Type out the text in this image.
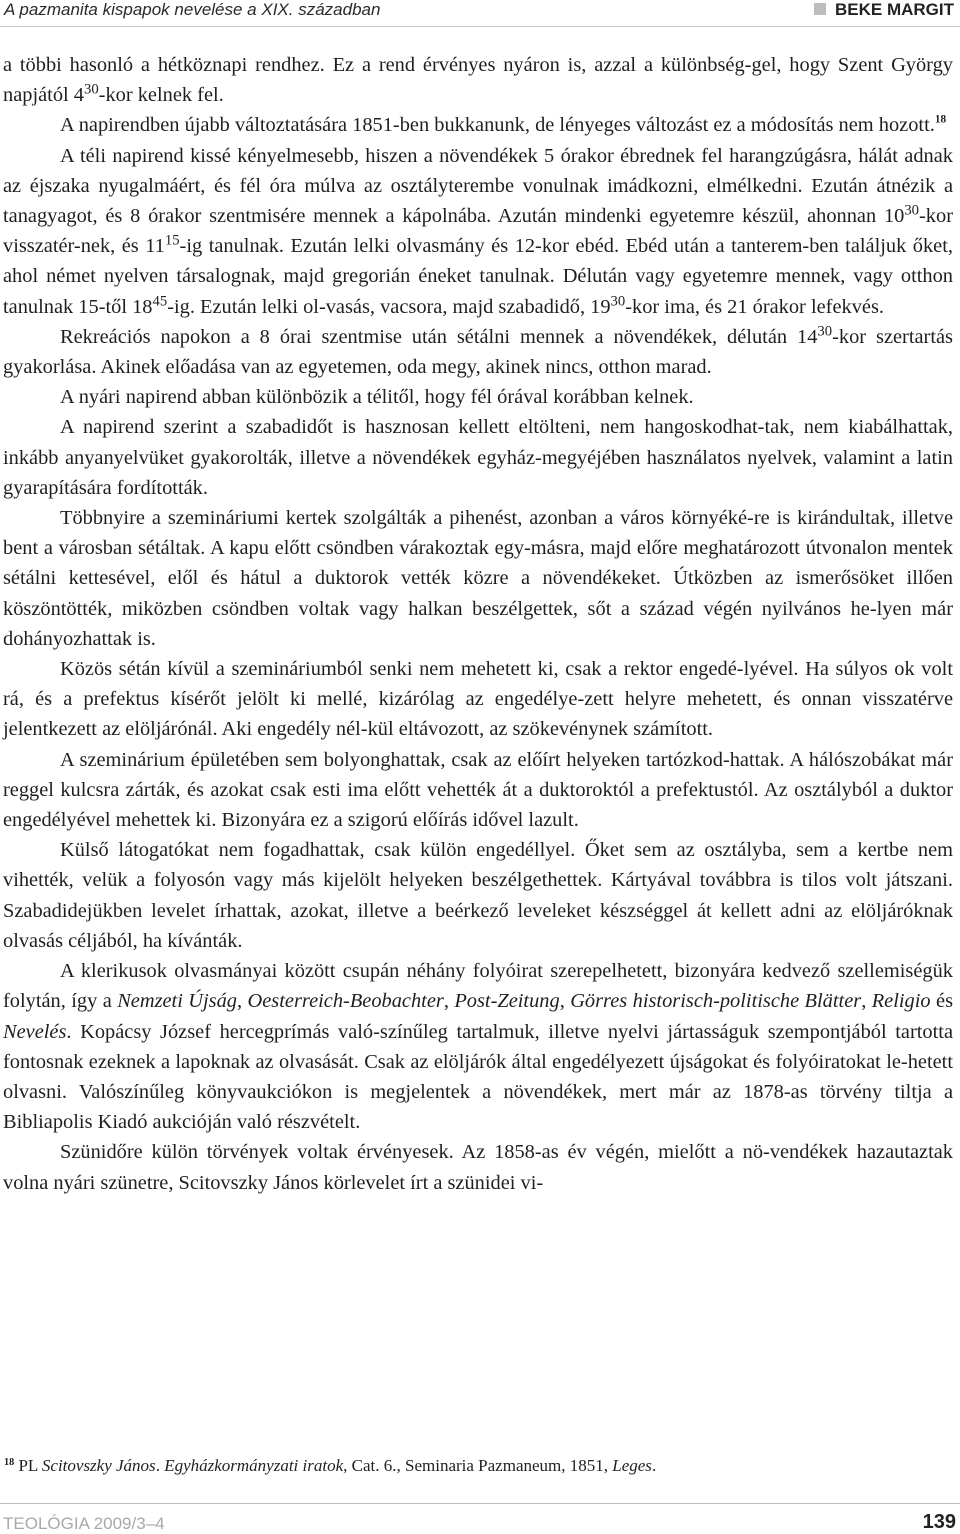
A pazmanita kispapok nevelése a XIX. században	BEKE MARGIT

a többi hasonló a hétköznapi rendhez. Ez a rend érvényes nyáron is, azzal a különbség-gel, hogy Szent György napjától $4^{30}$-kor kelnek fel.

A napirendben újabb változtatására 1851-ben bukkanunk, de lényeges változást ez a módosítás nem hozott.$^{18}$

A téli napirend kissé kényelmesebb, hiszen a növendékek 5 órakor ébrednek fel harangzúgásra, hálát adnak az éjszaka nyugalmáért, és fél óra múlva az osztályterembe vonulnak imádkozni, elmélkedni. Ezután átnézik a tanagyagot, és 8 órakor szentmisére mennek a kápolnába. Azután mindenki egyetemre készül, ahonnan $10^{30}$-kor visszatér-nek, és $11^{15}-ig$ tanulnak. Ezután lelki olvasmány és 12-kor ebéd. Ebéd után a tanterem-ben találjuk őket, ahol német nyelven társalognak, majd gregorián éneket tanulnak. Délután vagy egyetemre mennek, vagy otthon tanulnak 15-től $18^{45}-ig$. Ezután lelki ol-vasás, vacsora, majd szabadidő, $19^{30}$-kor ima, és 21 órakor lefekvés.

Rekreációs napokon a 8 órai szentmise után sétálni mennek a növendékek, délután $14^{30}$-kor szertartás gyakorlása. Akinek előadása van az egyetemen, oda megy, akinek nincs, otthon marad.

A nyári napirend abban különbözik a télitől, hogy fél órával korábban kelnek.

A napirend szerint a szabadidőt is hasznosan kellett eltölteni, nem hangoskodhat-tak, nem kiabálhattak, inkább anyanyelvüket gyakorolták, illetve a növendékek egyház-megyéjében használatos nyelvek, valamint a latin gyarapítására fordították.

Többnyire a szemináriumi kertek szolgálták a pihenést, azonban a város környéké-re is kirándultak, illetve bent a városban sétáltak. A kapu előtt csöndben várakoztak egy-másra, majd előre meghatározott útvonalon mentek sétálni kettesével, elől és hátul a duktorok vették közre a növendékeket. Útközben az ismerősöket illően köszöntötték, miközben csöndben voltak vagy halkan beszélgettek, sőt a század végén nyilvános he-lyen már dohányozhattak is.

Közös sétán kívül a szemináriumból senki nem mehetett ki, csak a rektor engedé-lyével. Ha súlyos ok volt rá, és a prefektus kísérőt jelölt ki mellé, kizárólag az engedélye-zett helyre mehetett, és onnan visszatérve jelentkezett az elöljárónál. Aki engedély nél-kül eltávozott, az szökevénynek számított.

A szeminárium épületében sem bolyonghattak, csak az előírt helyeken tartózkod-hattak. A hálószobákat már reggel kulcsra zárták, és azokat csak esti ima előtt vehették át a duktoroktól a prefektustól. Az osztályból a duktor engedélyével mehettek ki. Bizonyára ez a szigorú előírás idővel lazult.

Külső látogatókat nem fogadhattak, csak külön engedéllyel. Őket sem az osztályba, sem a kertbe nem vihették, velük a folyosón vagy más kijelölt helyeken beszélgethettek. Kártyával továbbra is tilos volt játszani. Szabadidejükben levelet írhattak, azokat, illetve a beérkező leveleket készséggel át kellett adni az elöljáróknak olvasás céljából, ha kívánták.

A klerikusok olvasmányai között csupán néhány folyóirat szerepelhetett, bizonyára kedvező szellemiségük folytán, így a Nemzeti Újság, Oesterreich-Beobachter, Post-Zeitung, Görres historisch-politische Blätter, Religio és Nevelés. Kopácsy József hercegprímás való-színűleg tartalmuk, illetve nyelvi jártasságuk szempontjából tartotta fontosnak ezeknek a lapoknak az olvasását. Csak az elöljárók által engedélyezett újságokat és folyóiratokat le-hetett olvasni. Valószínűleg könyvaukciókon is megjelentek a növendékek, mert már az 1878-as törvény tiltja a Bibliapolis Kiadó aukcióján való részvételt.

Szünidőre külön törvények voltak érvényesek. Az 1858-as év végén, mielőtt a nö-vendékek hazautaztak volna nyári szünetre, Scitovszky János körlevelet írt a szünidei vi-

$^{18}$ PL Scitovszky János. Egyházkormányzati iratok, Cat. 6., Seminaria Pazmaneum, 1851, Leges.
TEOLÓGIA 2009/3–4	139
